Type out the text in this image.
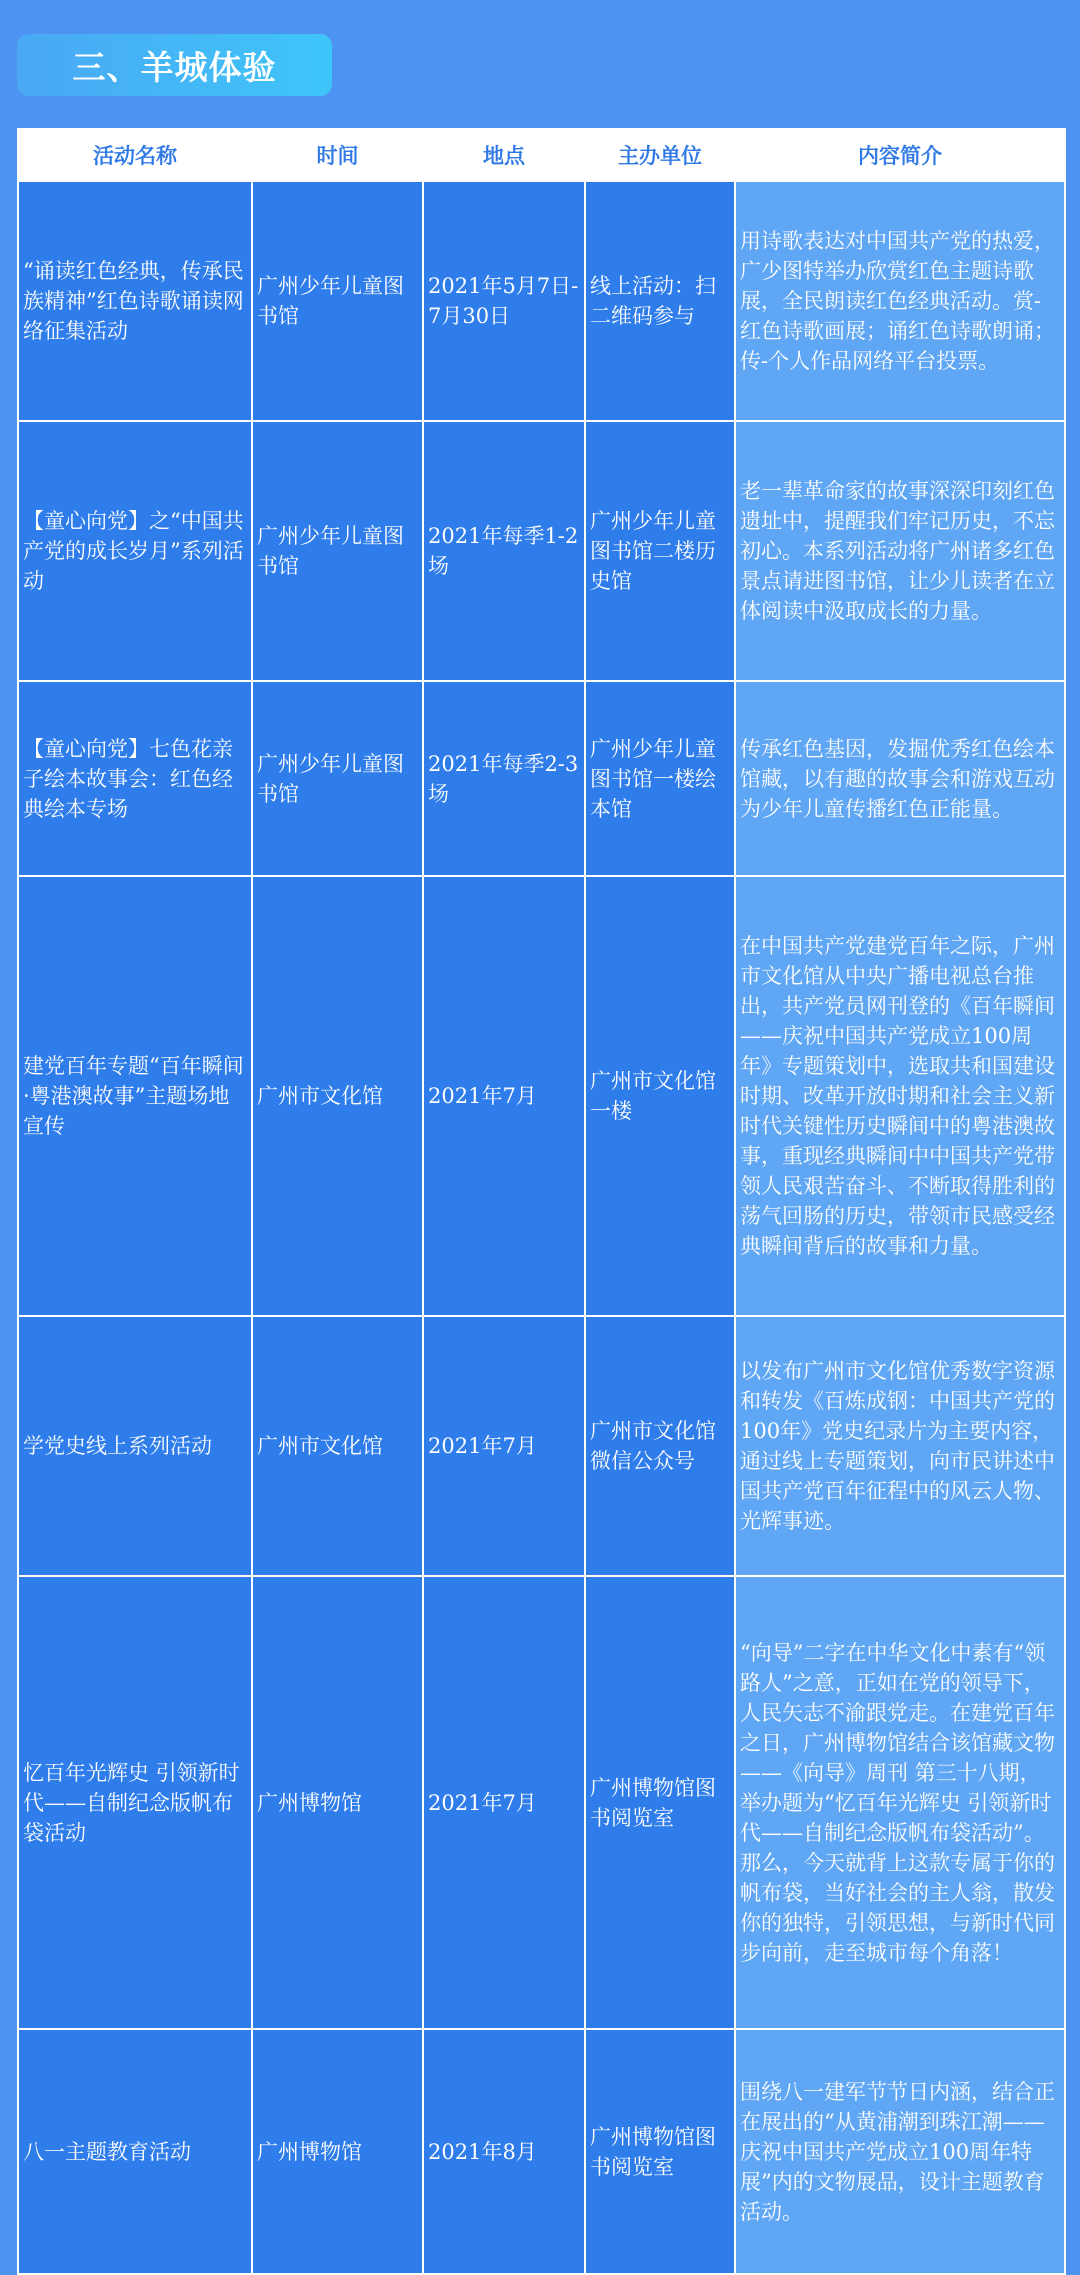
三、羊城体验
活动名称	时间	地点	主办单位	内容简介
“诵读红色经典，传承民族精神”红色诗歌诵读网络征集活动	广州少年儿童图书馆	2021年5月7日-7月30日	线上活动：扫二维码参与	用诗歌表达对中国共产党的热爱，广少图特举办欣赏红色主题诗歌展，全民朗读红色经典活动。赏-红色诗歌画展；诵红色诗歌朗诵；传-个人作品网络平台投票。
【童心向党】之“中国共产党的成长岁月”系列活动	广州少年儿童图书馆	2021年每季1-2场	广州少年儿童图书馆二楼历史馆	老一辈革命家的故事深深印刻红色遗址中，提醒我们牢记历史，不忘初心。本系列活动将广州诸多红色景点请进图书馆，让少儿读者在立体阅读中汲取成长的力量。
【童心向党】七色花亲子绘本故事会：红色经典绘本专场	广州少年儿童图书馆	2021年每季2-3场	广州少年儿童图书馆一楼绘本馆	传承红色基因，发掘优秀红色绘本馆藏，以有趣的故事会和游戏互动为少年儿童传播红色正能量。
建党百年专题“百年瞬间·粤港澳故事”主题场地宣传	广州市文化馆	2021年7月	广州市文化馆一楼	在中国共产党建党百年之际，广州市文化馆从中央广播电视总台推出，共产党员网刊登的《百年瞬间——庆祝中国共产党成立100周年》专题策划中，选取共和国建设时期、改革开放时期和社会主义新时代关键性历史瞬间中的粤港澳故事，重现经典瞬间中中国共产党带领人民艰苦奋斗、不断取得胜利的荡气回肠的历史，带领市民感受经典瞬间背后的故事和力量。
学党史线上系列活动	广州市文化馆	2021年7月	广州市文化馆微信公众号	以发布广州市文化馆优秀数字资源和转发《百炼成钢：中国共产党的100年》党史纪录片为主要内容，通过线上专题策划，向市民讲述中国共产党百年征程中的风云人物、光辉事迹。
忆百年光辉史 引领新时代——自制纪念版帆布袋活动	广州博物馆	2021年7月	广州博物馆图书阅览室	“向导”二字在中华文化中素有“领路人”之意，正如在党的领导下，人民矢志不渝跟党走。在建党百年之日，广州博物馆结合该馆藏文物——《向导》周刊 第三十八期，举办题为“忆百年光辉史 引领新时代——自制纪念版帆布袋活动”。那么，今天就背上这款专属于你的帆布袋，当好社会的主人翁，散发你的独特，引领思想，与新时代同步向前，走至城市每个角落！
八一主题教育活动	广州博物馆	2021年8月	广州博物馆图书阅览室	围绕八一建军节节日内涵，结合正在展出的“从黄浦潮到珠江潮——庆祝中国共产党成立100周年特展”内的文物展品，设计主题教育活动。
